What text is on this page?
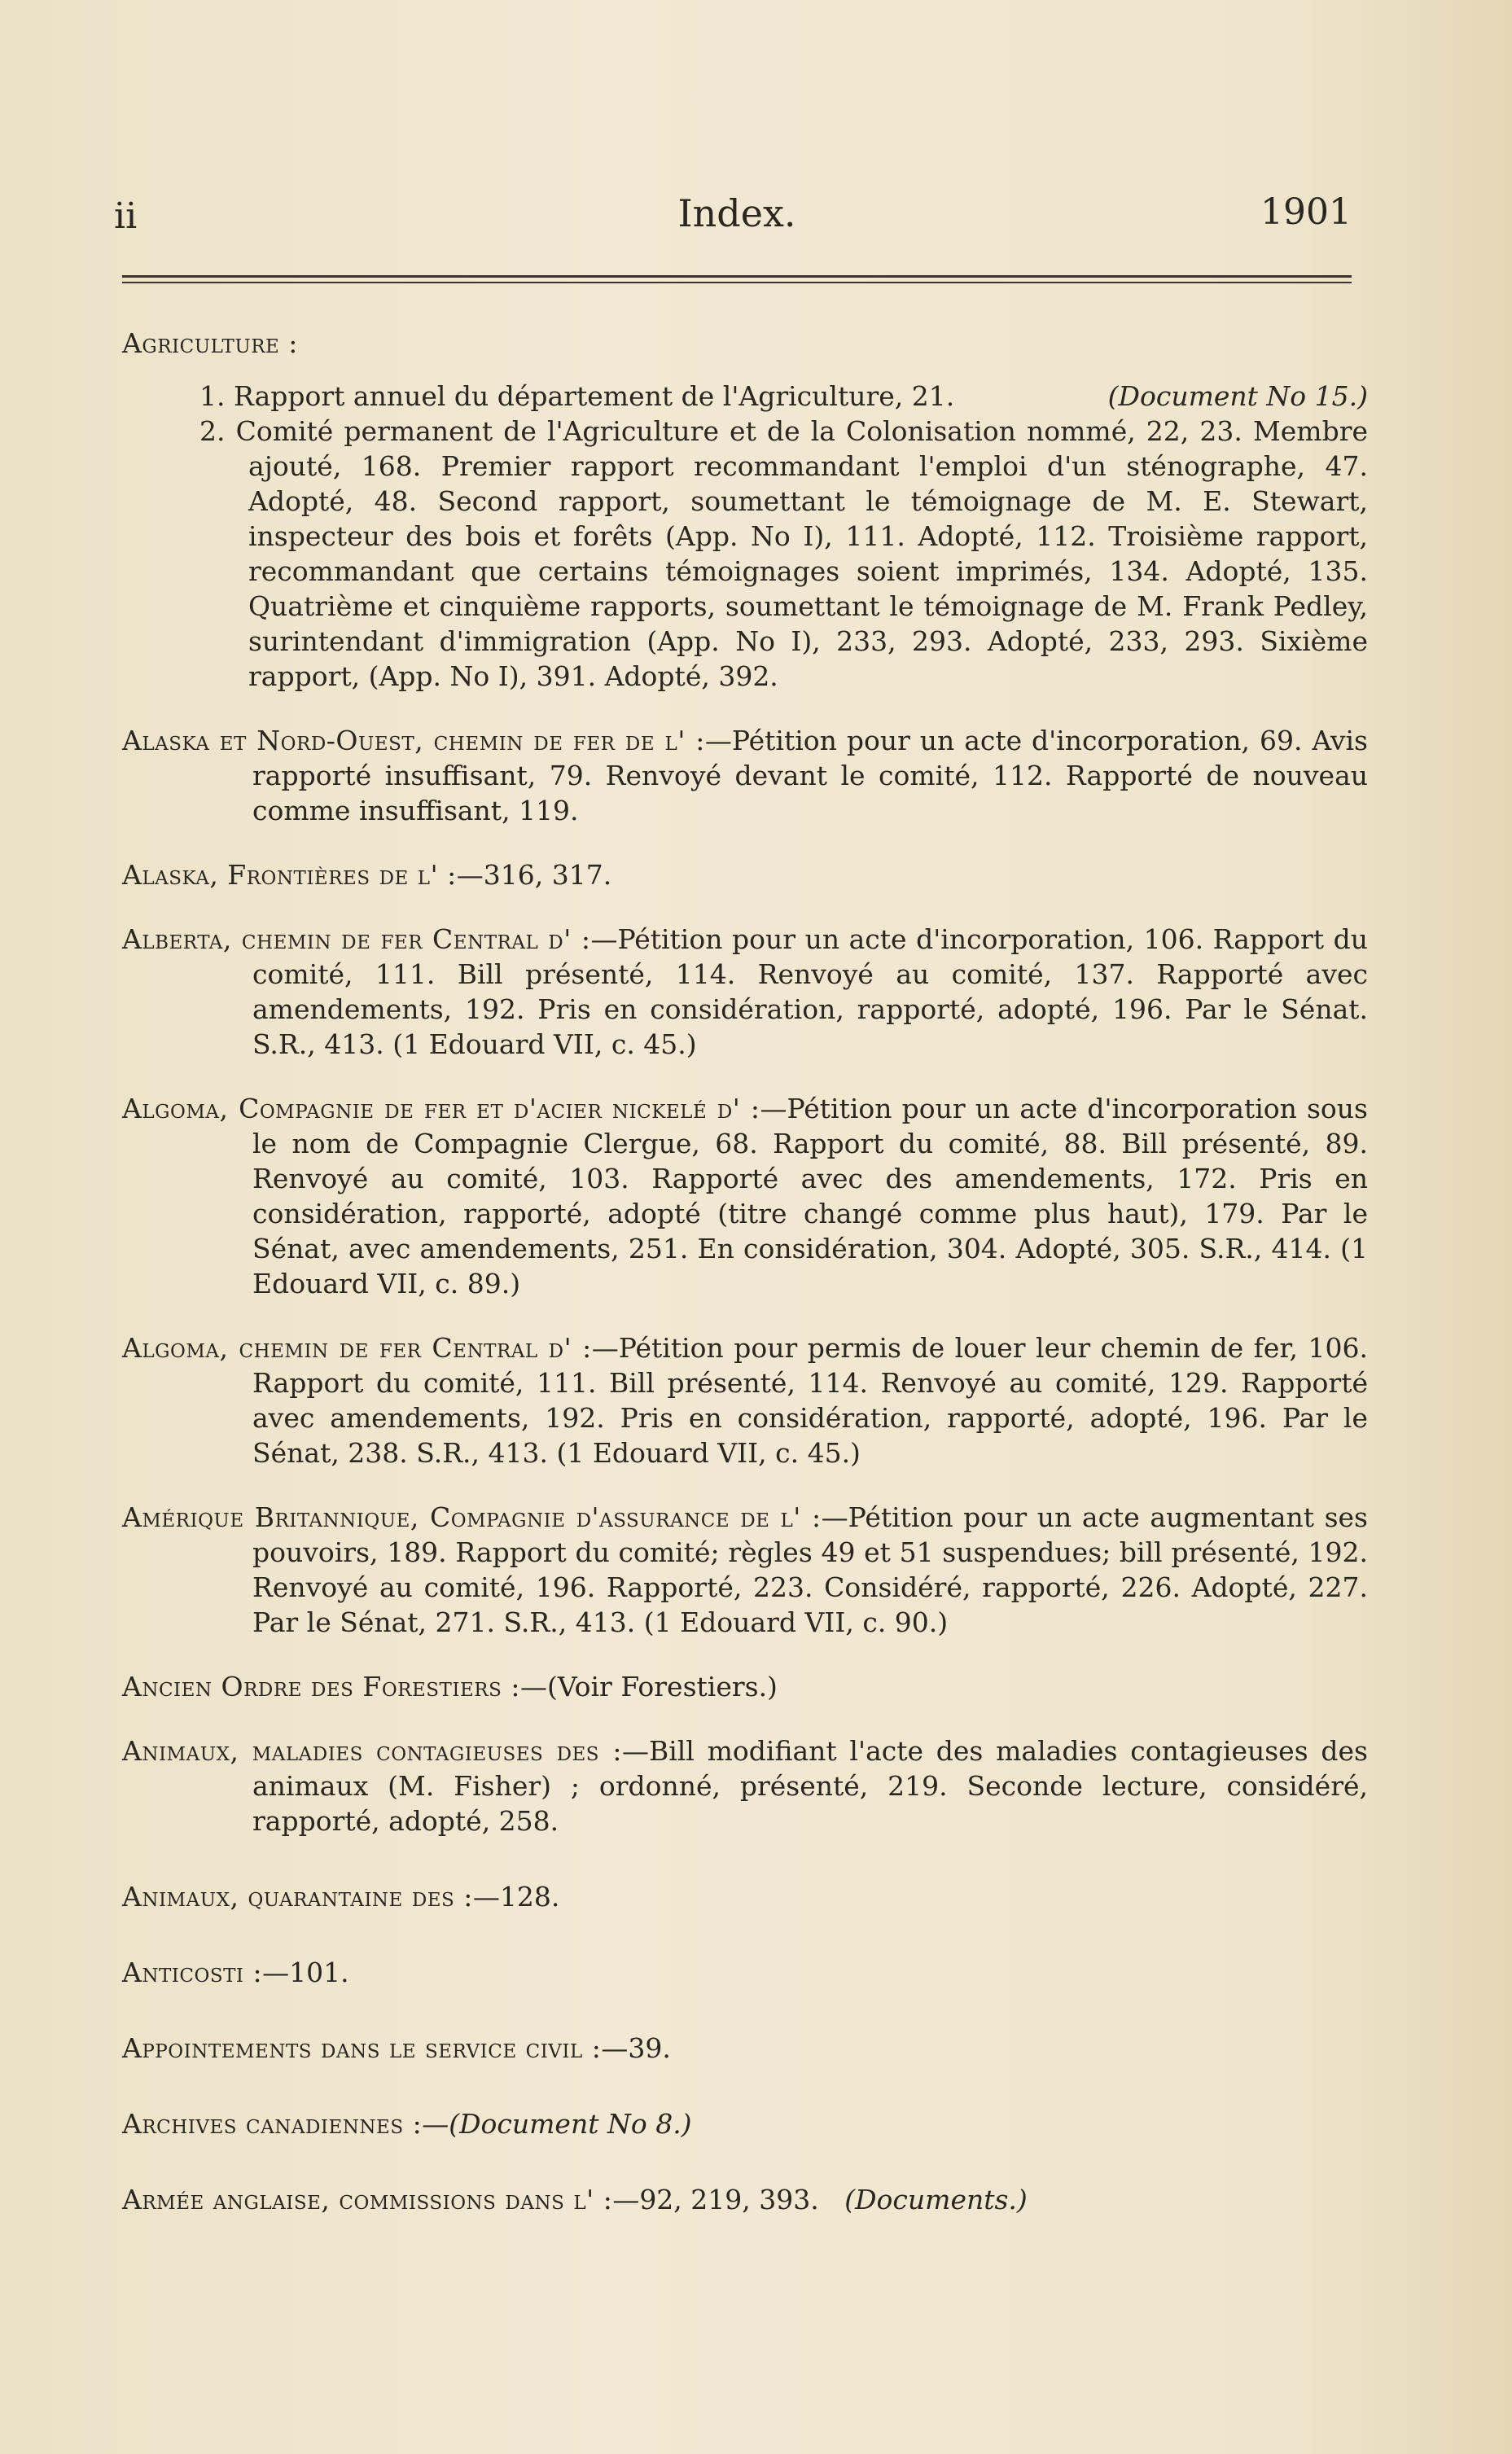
ii	Index.	1901

Agriculture :

1. Rapport annuel du département de l'Agriculture, 21.	(Document No 15.)

2. Comité permanent de l'Agriculture et de la Colonisation nommé, 22, 23. Membre ajouté, 168. Premier rapport recommandant l'emploi d'un sténographe, 47. Adopté, 48. Second rapport, soumettant le témoignage de M. E. Stewart, inspecteur des bois et forêts (App. No I), 111. Adopté, 112. Troisième rapport, recommandant que certains témoignages soient imprimés, 134. Adopté, 135. Quatrième et cinquième rapports, soumettant le témoignage de M. Frank Pedley, surintendant d'immigration (App. No I), 233, 293. Adopté, 233, 293. Sixième rapport, (App. No I), 391. Adopté, 392.

Alaska et Nord-Ouest, chemin de fer de l' :—Pétition pour un acte d'incorporation, 69. Avis rapporté insuffisant, 79. Renvoyé devant le comité, 112. Rapporté de nouveau comme insuffisant, 119.

Alaska, Frontières de l' :—316, 317.

Alberta, chemin de fer Central d' :—Pétition pour un acte d'incorporation, 106. Rapport du comité, 111. Bill présenté, 114. Renvoyé au comité, 137. Rapporté avec amendements, 192. Pris en considération, rapporté, adopté, 196. Par le Sénat. S.R., 413. (1 Edouard VII, c. 45.)

Algoma, Compagnie de fer et d'acier nickelé d' :—Pétition pour un acte d'incorporation sous le nom de Compagnie Clergue, 68. Rapport du comité, 88. Bill présenté, 89. Renvoyé au comité, 103. Rapporté avec des amendements, 172. Pris en considération, rapporté, adopté (titre changé comme plus haut), 179. Par le Sénat, avec amendements, 251. En considération, 304. Adopté, 305. S.R., 414. (1 Edouard VII, c. 89.)

Algoma, chemin de fer Central d' :—Pétition pour permis de louer leur chemin de fer, 106. Rapport du comité, 111. Bill présenté, 114. Renvoyé au comité, 129. Rapporté avec amendements, 192. Pris en considération, rapporté, adopté, 196. Par le Sénat, 238. S.R., 413. (1 Edouard VII, c. 45.)

Amérique Britannique, Compagnie d'assurance de l' :—Pétition pour un acte augmentant ses pouvoirs, 189. Rapport du comité; règles 49 et 51 suspendues; bill présenté, 192. Renvoyé au comité, 196. Rapporté, 223. Considéré, rapporté, 226. Adopté, 227. Par le Sénat, 271. S.R., 413. (1 Edouard VII, c. 90.)

Ancien Ordre des Forestiers :—(Voir Forestiers.)

Animaux, maladies contagieuses des :—Bill modifiant l'acte des maladies contagieuses des animaux (M. Fisher) ; ordonné, présenté, 219. Seconde lecture, considéré, rapporté, adopté, 258.

Animaux, quarantaine des :—128.

Anticosti :—101.

Appointements dans le service civil :—39.

Archives canadiennes :—(Document No 8.)

Armée anglaise, commissions dans l' :—92, 219, 393. (Documents.)
